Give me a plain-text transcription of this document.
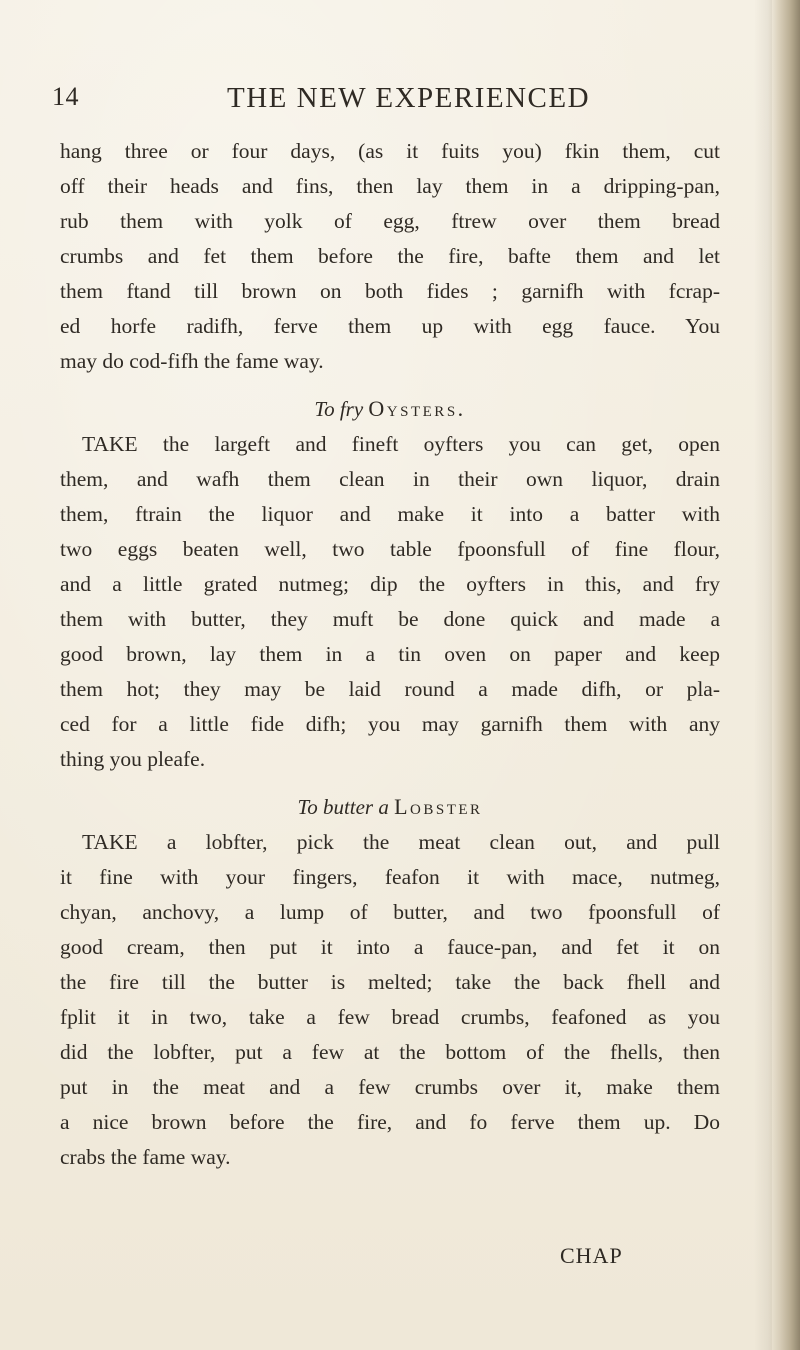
14	THE NEW EXPERIENCED
hang three or four days, (as it fuits you) fkin them, cut
off their heads and fins, then lay them in a dripping-pan,
rub them with yolk of egg, ftrew over them bread
crumbs and fet them before the fire, bafte them and let
them ftand till brown on both fides ; garnifh with fcrap-
ed horfe radifh, ferve them up with egg fauce. You
may do cod-fifh the fame way.
To fry Oysters.
TAKE the largeft and fineft oyfters you can get, open
them, and wafh them clean in their own liquor, drain
them, ftrain the liquor and make it into a batter with
two eggs beaten well, two table fpoonsfull of fine flour,
and a little grated nutmeg; dip the oyfters in this, and fry
them with butter, they muft be done quick and made a
good brown, lay them in a tin oven on paper and keep
them hot; they may be laid round a made difh, or pla-
ced for a little fide difh; you may garnifh them with any
thing you pleafe.
To butter a Lobster
TAKE a lobfter, pick the meat clean out, and pull
it fine with your fingers, feafon it with mace, nutmeg,
chyan, anchovy, a lump of butter, and two fpoonsfull of
good cream, then put it into a fauce-pan, and fet it on
the fire till the butter is melted; take the back fhell and
fplit it in two, take a few bread crumbs, feafoned as you
did the lobfter, put a few at the bottom of the fhells, then
put in the meat and a few crumbs over it, make them
a nice brown before the fire, and fo ferve them up. Do
crabs the fame way.
CHAP
